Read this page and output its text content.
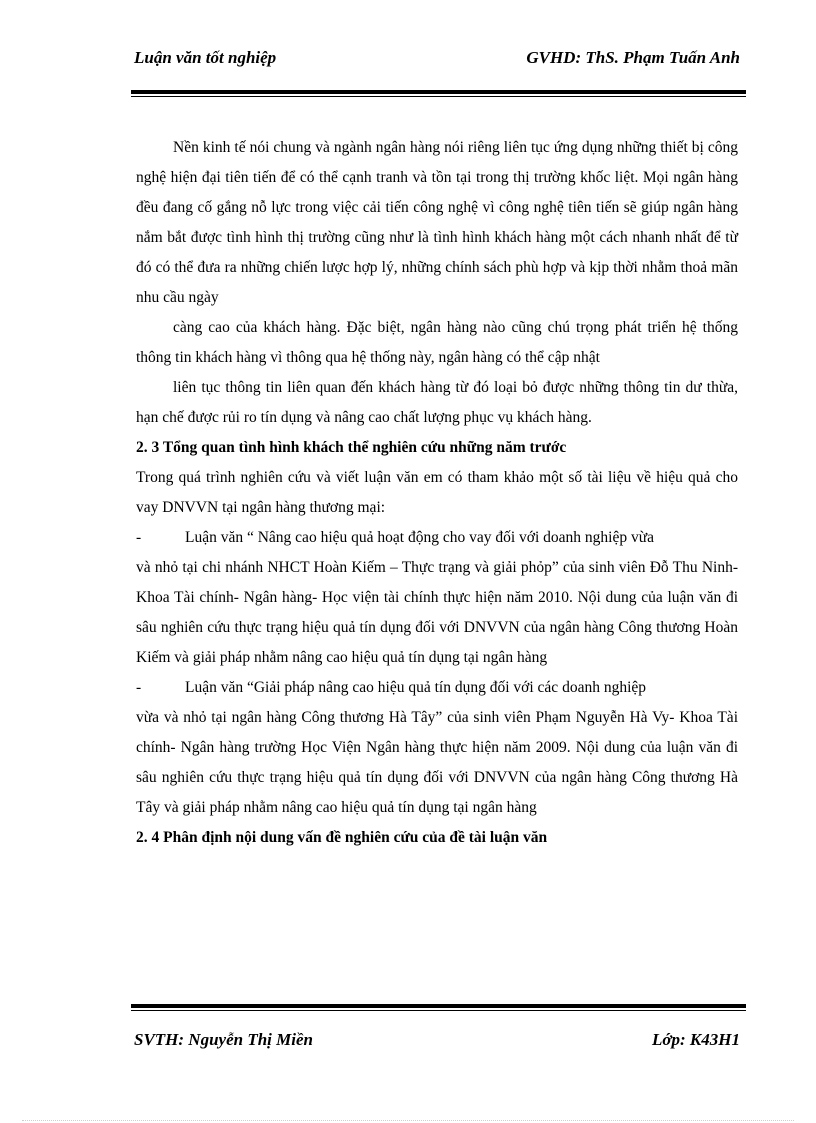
Luận văn tốt nghiệp	GVHD: ThS. Phạm Tuấn Anh

Nền kinh tế nói chung và ngành ngân hàng nói riêng liên tục ứng dụng những thiết bị công nghệ hiện đại tiên tiến để có thể cạnh tranh và tồn tại trong thị trường khốc liệt. Mọi ngân hàng đều đang cố gắng nỗ lực trong việc cải tiến công nghệ vì công nghệ tiên tiến sẽ giúp ngân hàng nắm bắt được tình hình thị trường cũng như là tình hình khách hàng một cách nhanh nhất để từ đó có thể đưa ra những chiến lược hợp lý, những chính sách phù hợp và kịp thời nhằm thoả mãn nhu cầu ngày

càng cao của khách hàng. Đặc biệt, ngân hàng nào cũng chú trọng phát triển hệ thống thông tin khách hàng vì thông qua hệ thống này, ngân hàng có thể cập nhật

liên tục thông tin liên quan đến khách hàng từ đó loại bỏ được những thông tin dư thừa, hạn chế được rủi ro tín dụng và nâng cao chất lượng phục vụ khách hàng.

2. 3 Tổng quan tình hình khách thể nghiên cứu những năm trước

Trong quá trình nghiên cứu và viết luận văn em có tham khảo một số tài liệu về hiệu quả cho vay DNVVN tại ngân hàng thương mại:

-	Luận văn “ Nâng cao hiệu quả hoạt động cho vay đối với doanh nghiệp vừa

và nhỏ tại chi nhánh NHCT Hoàn Kiếm – Thực trạng và giải phỏp” của sinh viên Đỗ Thu Ninh- Khoa Tài chính- Ngân hàng- Học viện tài chính thực hiện năm 2010. Nội dung của luận văn đi sâu nghiên cứu thực trạng hiệu quả tín dụng đối với DNVVN của ngân hàng Công thương Hoàn Kiếm và giải pháp nhằm nâng cao hiệu quả tín dụng tại ngân hàng

-	Luận văn “Giải pháp nâng cao hiệu quả tín dụng đối với các doanh nghiệp

vừa và nhỏ tại ngân hàng Công thương Hà Tây” của sinh viên Phạm Nguyễn Hà Vy- Khoa Tài chính- Ngân hàng trường Học Viện Ngân hàng thực hiện năm 2009. Nội dung của luận văn đi sâu nghiên cứu thực trạng hiệu quả tín dụng đối với DNVVN của ngân hàng Công thương Hà Tây và giải pháp nhằm nâng cao hiệu quả tín dụng tại ngân hàng

2. 4 Phân định nội dung vấn đề nghiên cứu của đề tài luận văn

SVTH: Nguyễn Thị Miền	Lớp: K43H1
